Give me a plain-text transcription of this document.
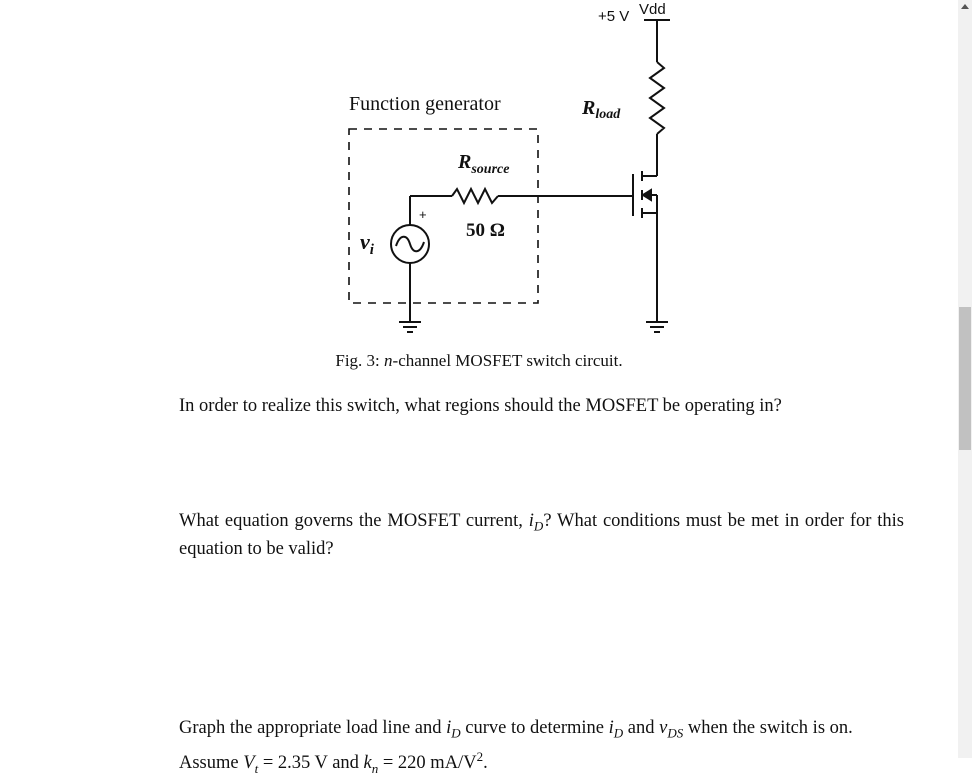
Function generator
+5 V Vdd
$R_{load}$
$R_{source}$
50 Ω
$v_i$
+

Fig. 3: n-channel MOSFET switch circuit.

In order to realize this switch, what regions should the MOSFET be operating in?

What equation governs the MOSFET current, $i_D$? What conditions must be met in order for this equation to be valid?

Graph the appropriate load line and $i_D$ curve to determine $i_D$ and $v_{DS}$ when the switch is on.
Assume $V_t = 2.35$ V and $k_n = 220$ $mA/V^2$.
